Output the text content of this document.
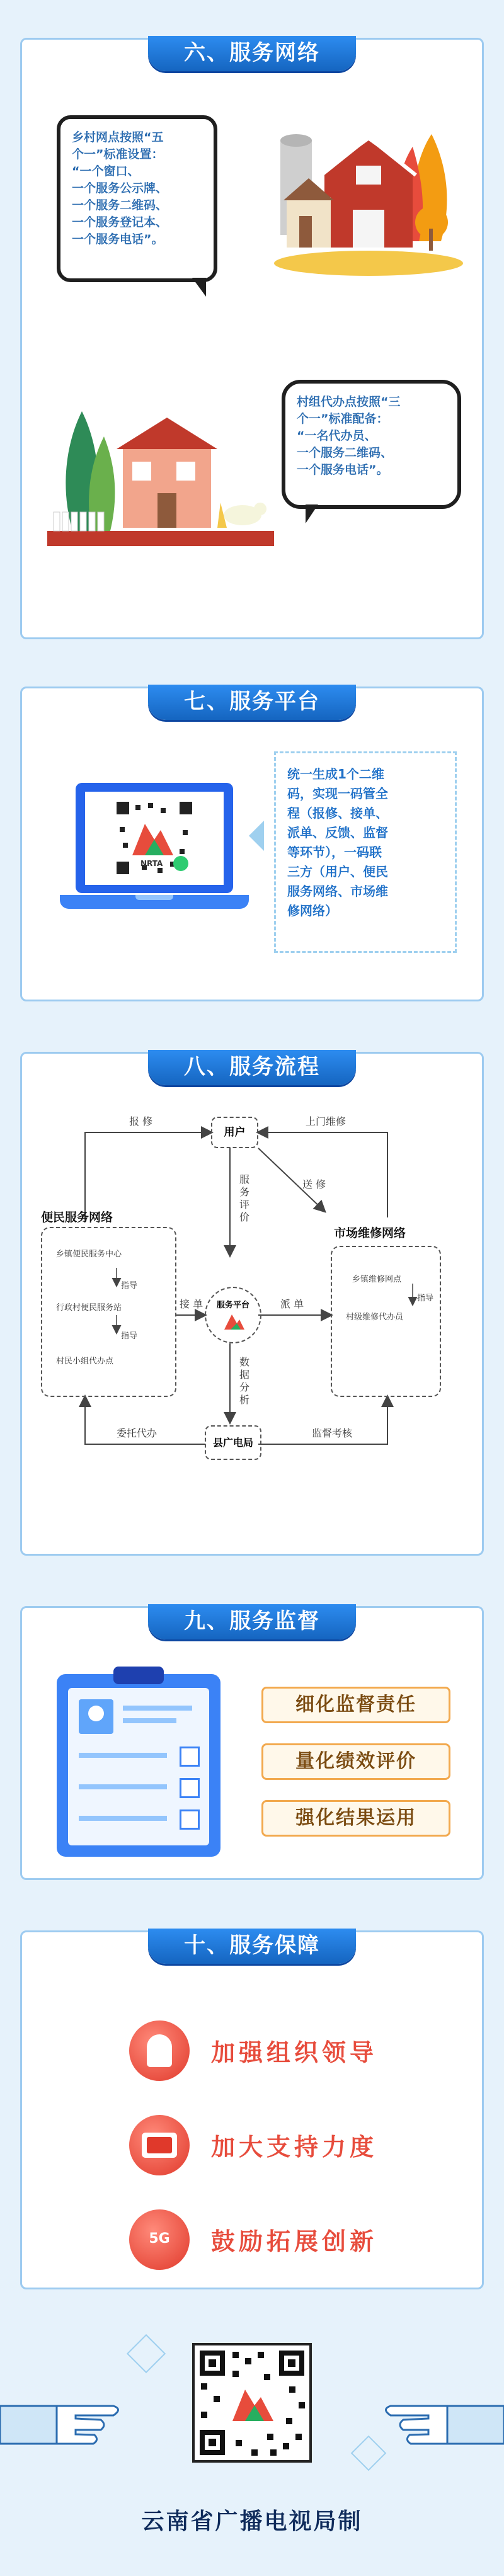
六、服务网络
乡村网点按照“五
个一”标准设置：
“一个窗口、
一个服务公示牌、
一个服务二维码、
一个服务登记本、
一个服务电话”。
村组代办点按照“三
个一”标准配备：
“一名代办员、
一个服务二维码、
一个服务电话”。
七、服务平台
NRTA
统一生成1个二维
码，实现一码管全
程（报修、接单、
派单、反馈、监督
等环节），一码联
三方（用户、便民
服务网络、市场维
修网络）
八、服务流程
用户
报 修	上门维修
送 修
服务评价
便民服务网络
乡镇便民服务中心
指导
行政村便民服务站
指导
村民小组代办点
接 单	派 单
服务平台
数据分析
市场维修网络
乡镇维修网点
指导
村级维修代办员
县广电局
委托代办	监督考核
九、服务监督
细化监督责任
量化绩效评价
强化结果运用
十、服务保障
加强组织领导
加大支持力度
5G	鼓励拓展创新
云南省广播电视局制
